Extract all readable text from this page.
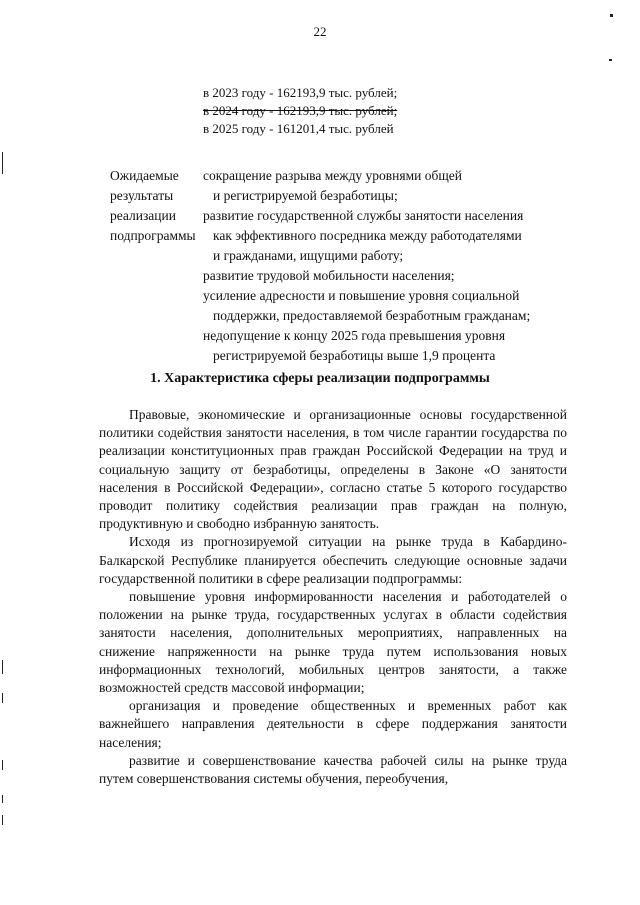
22
в 2023 году - 162193,9 тыс. рублей;
в 2024 году - 162193,9 тыс. рублей;
в 2025 году - 161201,4 тыс. рублей
Ожидаемые
результаты
реализации
подпрограммы
сокращение разрыва между уровнями общей
и регистрируемой безработицы;
развитие государственной службы занятости населения
как эффективного посредника между работодателями
и гражданами, ищущими работу;
развитие трудовой мобильности населения;
усиление адресности и повышение уровня социальной
поддержки, предоставляемой безработным гражданам;
недопущение к концу 2025 года превышения уровня
регистрируемой безработицы выше 1,9 процента
1. Характеристика сферы реализации подпрограммы

Правовые, экономические и организационные основы государственной политики содействия занятости населения, в том числе гарантии государства по реализации конституционных прав граждан Российской Федерации на труд и социальную защиту от безработицы, определены в Законе «О занятости населения в Российской Федерации», согласно статье 5 которого государство проводит политику содействия реализации прав граждан на полную, продуктивную и свободно избранную занятость.

Исходя из прогнозируемой ситуации на рынке труда в Кабардино-Балкарской Республике планируется обеспечить следующие основные задачи государственной политики в сфере реализации подпрограммы:

повышение уровня информированности населения и работодателей о положении на рынке труда, государственных услугах в области содействия занятости населения, дополнительных мероприятиях, направленных на снижение напряженности на рынке труда путем использования новых информационных технологий, мобильных центров занятости, а также возможностей средств массовой информации;

организация и проведение общественных и временных работ как важнейшего направления деятельности в сфере поддержания занятости населения;

развитие и совершенствование качества рабочей силы на рынке труда путем совершенствования системы обучения, переобучения,
